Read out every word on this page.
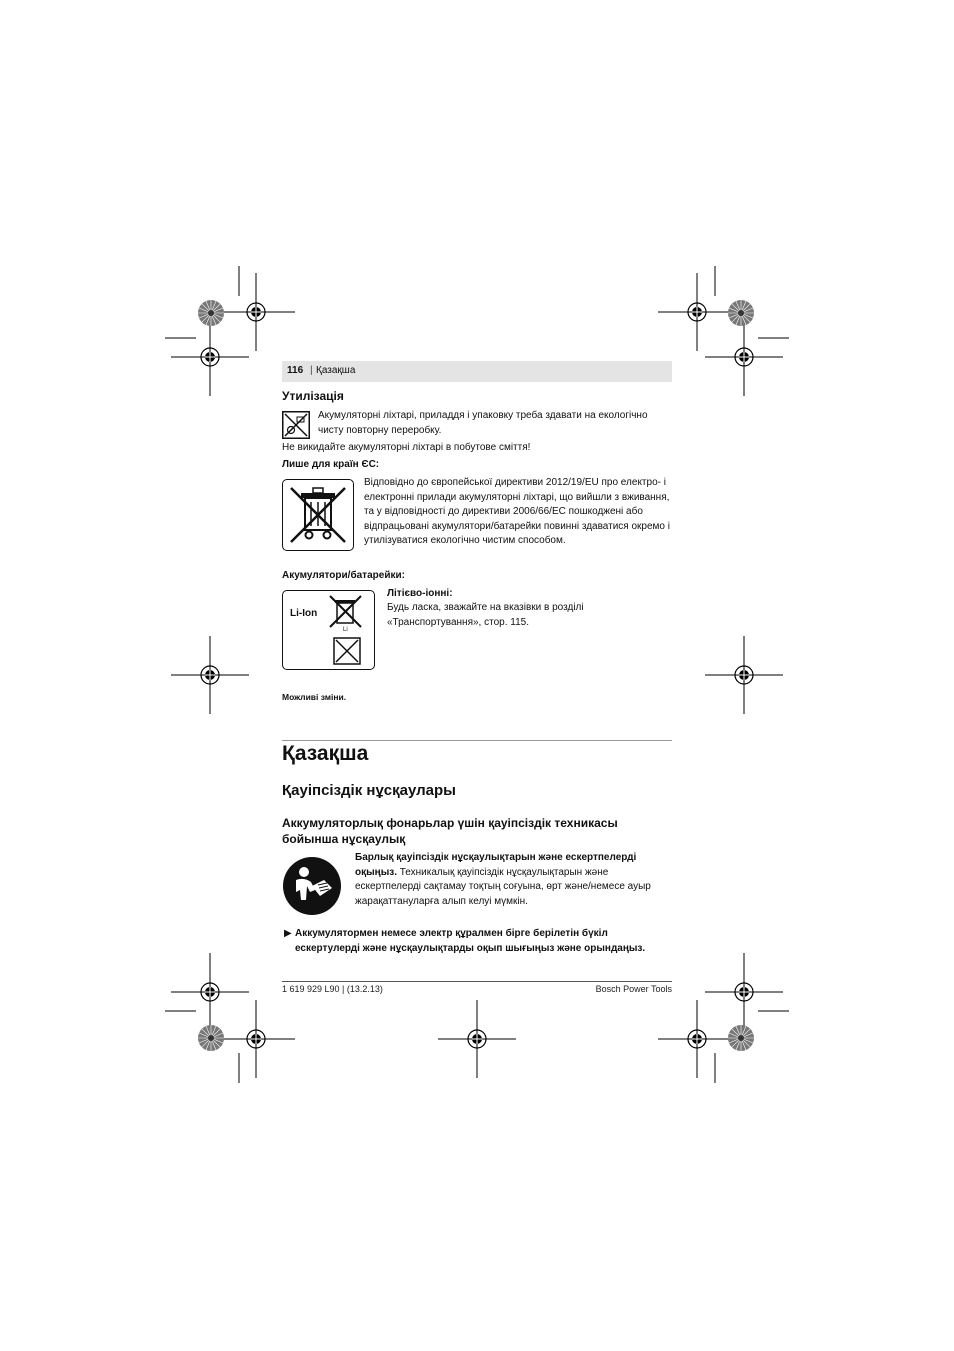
116 | Қазақша
Утилізація
Акумуляторні ліхтарі, приладдя і упаковку треба здавати на екологічно чисту повторну переробку.
Не викидайте акумуляторні ліхтарі в побутове сміття!
Лише для країн ЄС:
Відповідно до європейської директиви 2012/19/EU про електро- і електронні прилади акумуляторні ліхтарі, що вийшли з вживання, та у відповідності до директиви 2006/66/EC пошкоджені або відпрацьовані акумулятори/батарейки повинні здаватися окремо і утилізуватися екологічно чистим способом.
Акумулятори/батарейки:
Li-Ion
Li
Літієво-іонні:
Будь ласка, зважайте на вказівки в розділі «Транспортування», стор. 115.
Можливі зміни.
Қазақша
Қауіпсіздік нұсқаулары
Аккумуляторлық фонарьлар үшін қауіпсіздік техникасы бойынша нұсқаулық
Барлық қауіпсіздік нұсқаулықтарын және ескертпелерді оқыңыз. Техникалық қауіпсіздік нұсқаулықтарын және ескертпелерді сақтамау тоқтың соғуына, өрт және/немесе ауыр жарақаттануларға алып келуі мүмкін.
▶ Аккумулятормен немесе электр құралмен бірге берілетін бүкіл ескертулерді және нұсқаулықтарды оқып шығыңыз және орындаңыз.
1 619 929 L90 | (13.2.13)	Bosch Power Tools
